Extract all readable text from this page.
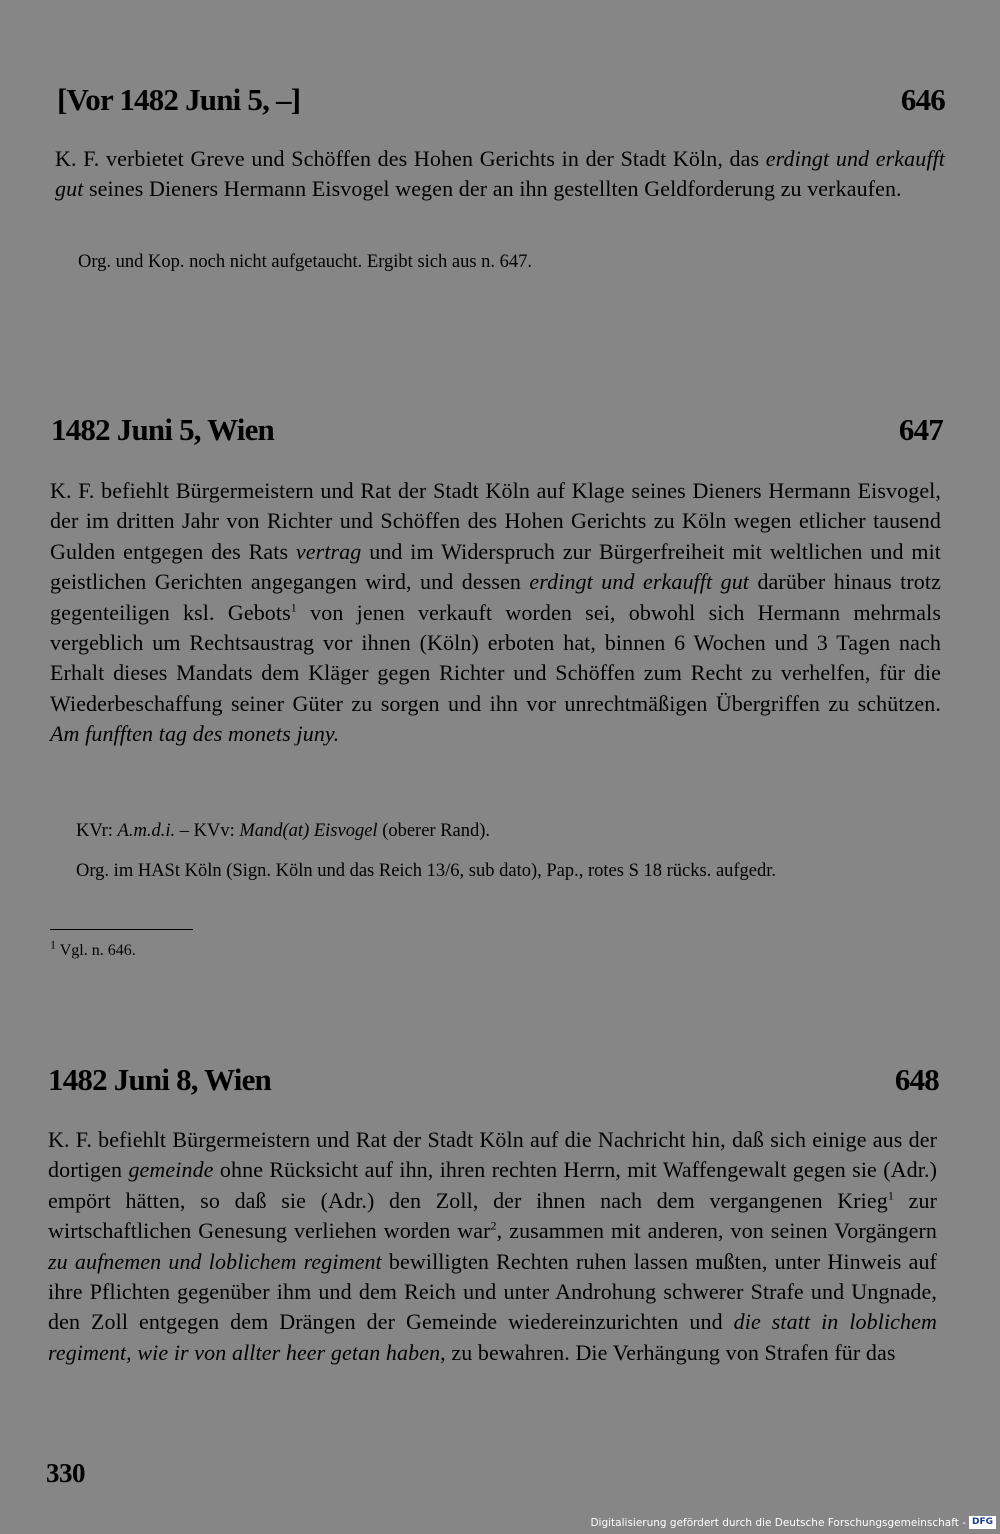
[Vor 1482 Juni 5, –]	646
K. F. verbietet Greve und Schöffen des Hohen Gerichts in der Stadt Köln, das erdingt und erkaufft gut seines Dieners Hermann Eisvogel wegen der an ihn gestellten Geldforderung zu verkaufen.
Org. und Kop. noch nicht aufgetaucht. Ergibt sich aus n. 647.
1482 Juni 5, Wien	647
K. F. befiehlt Bürgermeistern und Rat der Stadt Köln auf Klage seines Dieners Hermann Eisvogel, der im dritten Jahr von Richter und Schöffen des Hohen Gerichts zu Köln wegen etlicher tausend Gulden entgegen des Rats vertrag und im Widerspruch zur Bürgerfreiheit mit weltlichen und mit geistlichen Gerichten angegangen wird, und dessen erdingt und erkaufft gut darüber hinaus trotz gegenteiligen ksl. Gebots$^1$ von jenen verkauft worden sei, obwohl sich Hermann mehrmals vergeblich um Rechtsaustrag vor ihnen (Köln) erboten hat, binnen 6 Wochen und 3 Tagen nach Erhalt dieses Mandats dem Kläger gegen Richter und Schöffen zum Recht zu verhelfen, für die Wiederbeschaffung seiner Güter zu sorgen und ihn vor unrechtmäßigen Übergriffen zu schützen. Am funfften tag des monets juny.
KVr: A.m.d.i. – KVv: Mand(at) Eisvogel (oberer Rand).
Org. im HASt Köln (Sign. Köln und das Reich 13/6, sub dato), Pap., rotes S 18 rücks. aufgedr.
$^1$ Vgl. n. 646.
1482 Juni 8, Wien	648
K. F. befiehlt Bürgermeistern und Rat der Stadt Köln auf die Nachricht hin, daß sich einige aus der dortigen gemeinde ohne Rücksicht auf ihn, ihren rechten Herrn, mit Waffengewalt gegen sie (Adr.) empört hätten, so daß sie (Adr.) den Zoll, der ihnen nach dem vergangenen Krieg$^1$ zur wirtschaftlichen Genesung verliehen worden war$^2$, zusammen mit anderen, von seinen Vorgängern zu aufnemen und loblichem regiment bewilligten Rechten ruhen lassen mußten, unter Hinweis auf ihre Pflichten gegenüber ihm und dem Reich und unter Androhung schwerer Strafe und Ungnade, den Zoll entgegen dem Drängen der Gemeinde wiedereinzurichten und die statt in loblichem regiment, wie ir von allter heer getan haben, zu bewahren. Die Verhängung von Strafen für das
330
Digitalisierung gefördert durch die Deutsche Forschungsgemeinschaft - DFG
